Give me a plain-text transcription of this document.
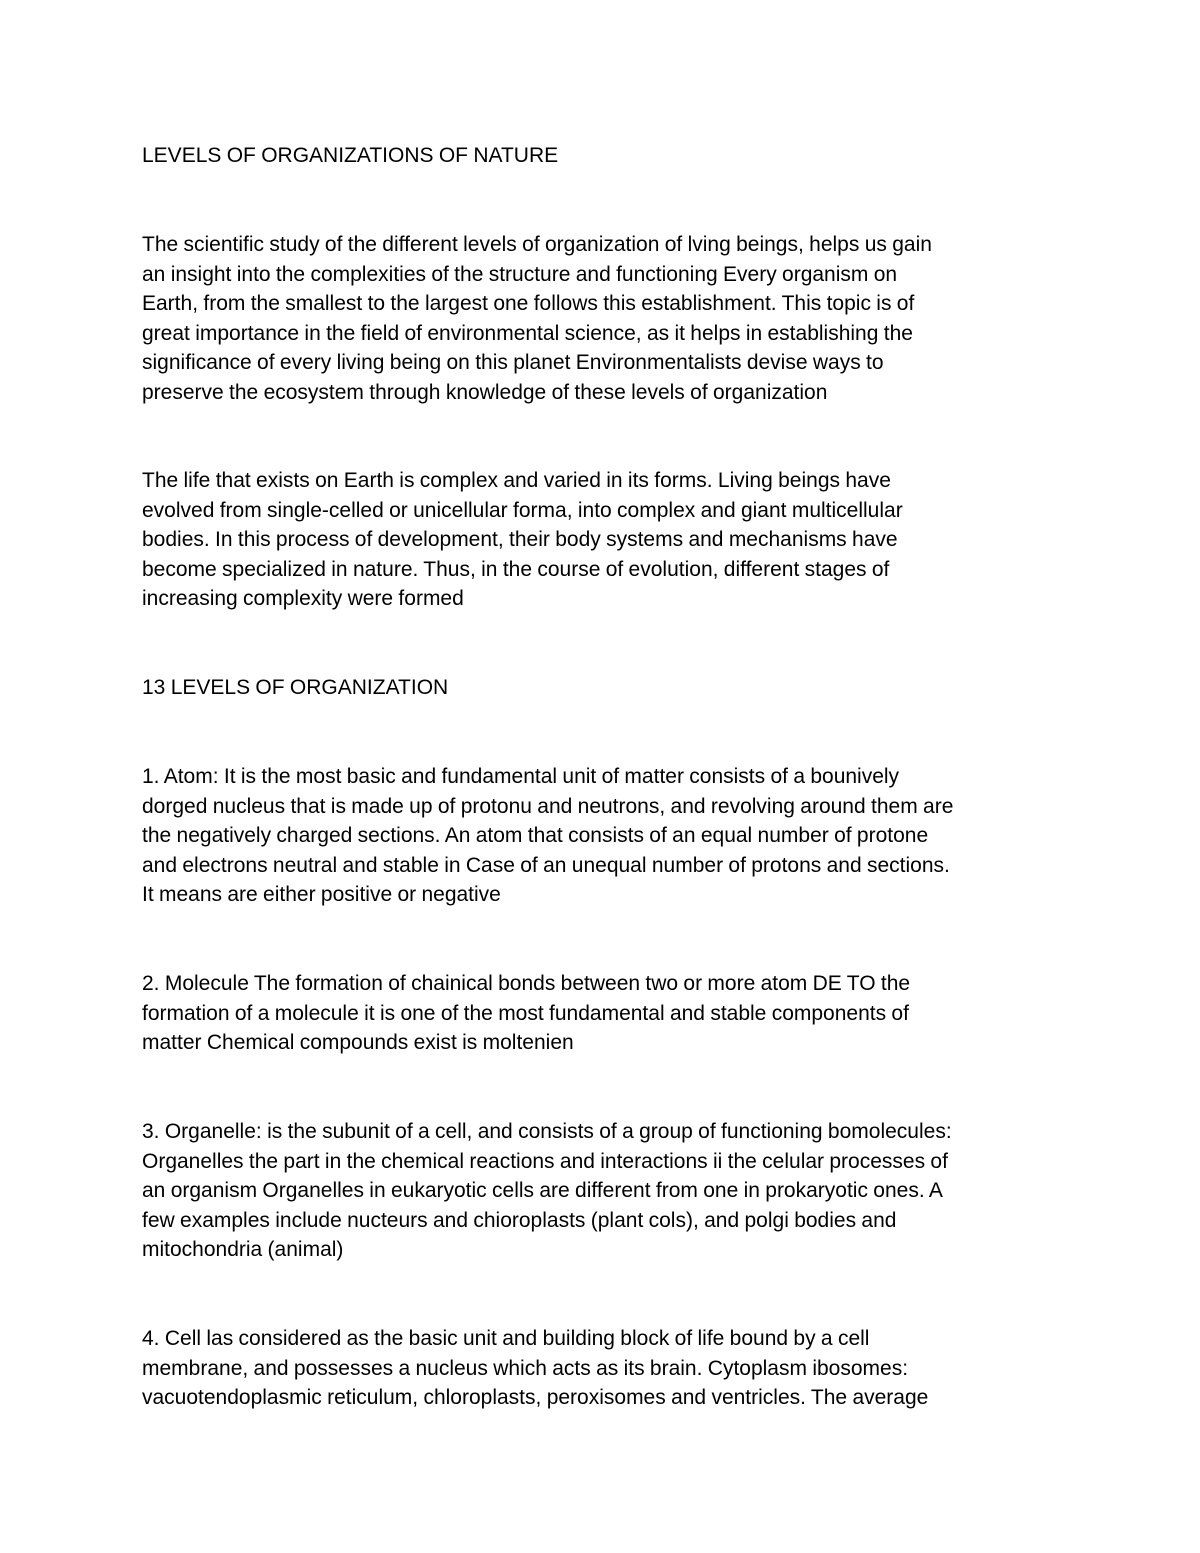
LEVELS OF ORGANIZATIONS OF NATURE

The scientific study of the different levels of organization of lving beings, helps us gain
an insight into the complexities of the structure and functioning Every organism on
Earth, from the smallest to the largest one follows this establishment. This topic is of
great importance in the field of environmental science, as it helps in establishing the
significance of every living being on this planet Environmentalists devise ways to
preserve the ecosystem through knowledge of these levels of organization

The life that exists on Earth is complex and varied in its forms. Living beings have
evolved from single-celled or unicellular forma, into complex and giant multicellular
bodies. In this process of development, their body systems and mechanisms have
become specialized in nature. Thus, in the course of evolution, different stages of
increasing complexity were formed

13 LEVELS OF ORGANIZATION

1. Atom: It is the most basic and fundamental unit of matter consists of a bounively
dorged nucleus that is made up of protonu and neutrons, and revolving around them are
the negatively charged sections. An atom that consists of an equal number of protone
and electrons neutral and stable in Case of an unequal number of protons and sections.
It means are either positive or negative

2. Molecule The formation of chainical bonds between two or more atom DE TO the
formation of a molecule it is one of the most fundamental and stable components of
matter Chemical compounds exist is moltenien

3. Organelle: is the subunit of a cell, and consists of a group of functioning bomolecules:
Organelles the part in the chemical reactions and interactions ii the celular processes of
an organism Organelles in eukaryotic cells are different from one in prokaryotic ones. A
few examples include nucteurs and chioroplasts (plant cols), and polgi bodies and
mitochondria (animal)

4. Cell las considered as the basic unit and building block of life bound by a cell
membrane, and possesses a nucleus which acts as its brain. Cytoplasm ibosomes:
vacuotendoplasmic reticulum, chloroplasts, peroxisomes and ventricles. The average
